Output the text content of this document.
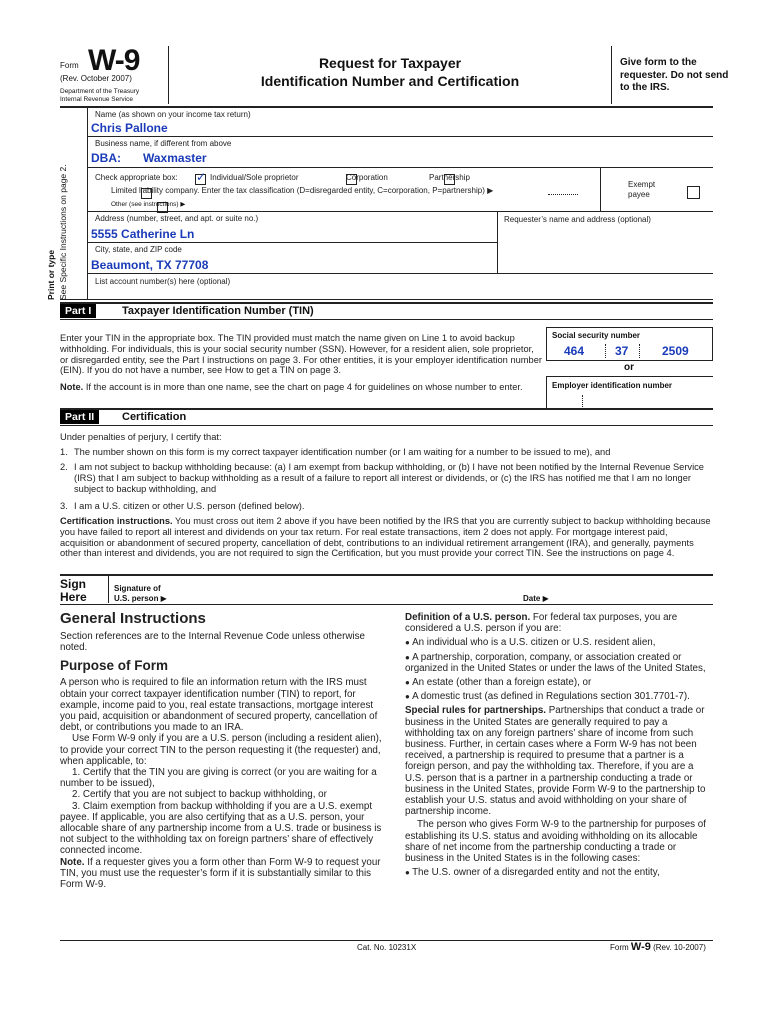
Form W-9
(Rev. October 2007)
Department of the Treasury
Internal Revenue Service
Request for Taxpayer
Identification Number and Certification
Give form to the requester. Do not send to the IRS.
Print or type See Specific Instructions on page 2.
Name (as shown on your income tax return)
Chris Pallone
Business name, if different from above
DBA: Waxmaster
Check appropriate box:
✓	Individual/Sole proprietor
	Corporation
	Partnership

Limited liability company. Enter the tax classification (D=disregarded entity, C=corporation, P=partnership) ▶

Other (see instructions) ▶
Exempt payee
Address (number, street, and apt. or suite no.)
5555 Catherine Ln
Requester’s name and address (optional)
City, state, and ZIP code
Beaumont, TX 77708
List account number(s) here (optional)
Part I	Taxpayer Identification Number (TIN)
Enter your TIN in the appropriate box. The TIN provided must match the name given on Line 1 to avoid backup withholding. For individuals, this is your social security number (SSN). However, for a resident alien, sole proprietor, or disregarded entity, see the Part I instructions on page 3. For other entities, it is your employer identification number (EIN). If you do not have a number, see How to get a TIN on page 3.
Note. If the account is in more than one name, see the chart on page 4 for guidelines on whose number to enter.
Social security number
464	37	2509
or
Employer identification number
Part II	Certification
Under penalties of perjury, I certify that:
1. The number shown on this form is my correct taxpayer identification number (or I am waiting for a number to be issued to me), and
2. I am not subject to backup withholding because: (a) I am exempt from backup withholding, or (b) I have not been notified by the Internal Revenue Service (IRS) that I am subject to backup withholding as a result of a failure to report all interest or dividends, or (c) the IRS has notified me that I am no longer subject to backup withholding, and
3. I am a U.S. citizen or other U.S. person (defined below).
Certification instructions. You must cross out item 2 above if you have been notified by the IRS that you are currently subject to backup withholding because you have failed to report all interest and dividends on your tax return. For real estate transactions, item 2 does not apply. For mortgage interest paid, acquisition or abandonment of secured property, cancellation of debt, contributions to an individual retirement arrangement (IRA), and generally, payments other than interest and dividends, you are not required to sign the Certification, but you must provide your correct TIN. See the instructions on page 4.
Sign
Here
Signature of
U.S. person ▶	Date ▶
General Instructions

Section references are to the Internal Revenue Code unless otherwise noted.

Purpose of Form

A person who is required to file an information return with the IRS must obtain your correct taxpayer identification number (TIN) to report, for example, income paid to you, real estate transactions, mortgage interest you paid, acquisition or abandonment of secured property, cancellation of debt, or contributions you made to an IRA.

Use Form W-9 only if you are a U.S. person (including a resident alien), to provide your correct TIN to the person requesting it (the requester) and, when applicable, to:

1. Certify that the TIN you are giving is correct (or you are waiting for a number to be issued),

2. Certify that you are not subject to backup withholding, or

3. Claim exemption from backup withholding if you are a U.S. exempt payee. If applicable, you are also certifying that as a U.S. person, your allocable share of any partnership income from a U.S. trade or business is not subject to the withholding tax on foreign partners’ share of effectively connected income.

Note. If a requester gives you a form other than Form W-9 to request your TIN, you must use the requester’s form if it is substantially similar to this Form W-9.

Definition of a U.S. person. For federal tax purposes, you are considered a U.S. person if you are:

● An individual who is a U.S. citizen or U.S. resident alien,

● A partnership, corporation, company, or association created or organized in the United States or under the laws of the United States,

● An estate (other than a foreign estate), or

● A domestic trust (as defined in Regulations section 301.7701-7).

Special rules for partnerships. Partnerships that conduct a trade or business in the United States are generally required to pay a withholding tax on any foreign partners’ share of income from such business. Further, in certain cases where a Form W-9 has not been received, a partnership is required to presume that a partner is a foreign person, and pay the withholding tax. Therefore, if you are a U.S. person that is a partner in a partnership conducting a trade or business in the United States, provide Form W-9 to the partnership to establish your U.S. status and avoid withholding on your share of partnership income.

The person who gives Form W-9 to the partnership for purposes of establishing its U.S. status and avoiding withholding on its allocable share of net income from the partnership conducting a trade or business in the United States is in the following cases:

● The U.S. owner of a disregarded entity and not the entity,

Cat. No. 10231X	Form W-9 (Rev. 10-2007)
